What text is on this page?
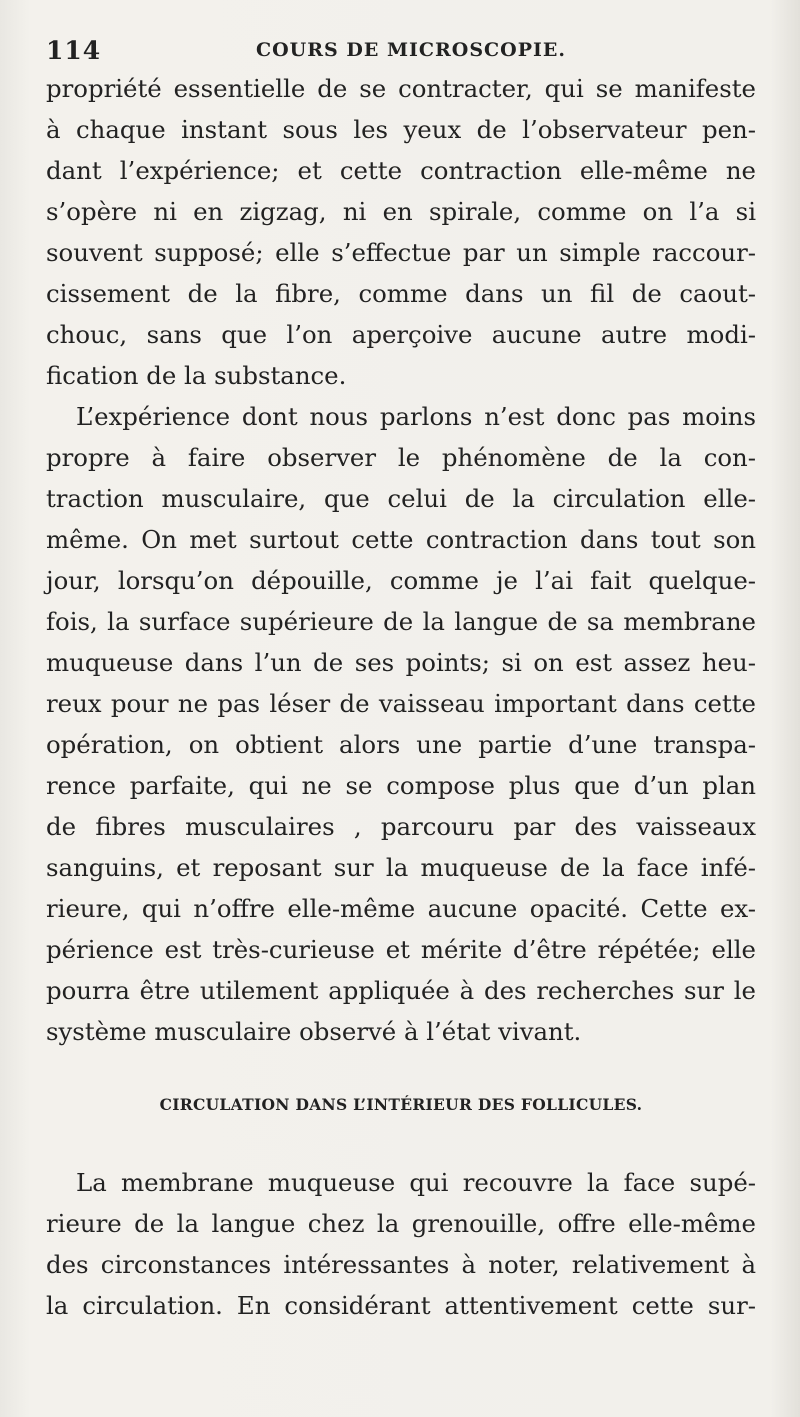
114	COURS DE MICROSCOPIE.
propriété essentielle de se contracter, qui se manifeste
à chaque instant sous les yeux de l’observateur pen-
dant l’expérience; et cette contraction elle-même ne
s’opère ni en zigzag, ni en spirale, comme on l’a si
souvent supposé; elle s’effectue par un simple raccour-
cissement de la fibre, comme dans un fil de caout-
chouc, sans que l’on aperçoive aucune autre modi-
fication de la substance.
L’expérience dont nous parlons n’est donc pas moins
propre à faire observer le phénomène de la con-
traction musculaire, que celui de la circulation elle-
même. On met surtout cette contraction dans tout son
jour, lorsqu’on dépouille, comme je l’ai fait quelque-
fois, la surface supérieure de la langue de sa membrane
muqueuse dans l’un de ses points; si on est assez heu-
reux pour ne pas léser de vaisseau important dans cette
opération, on obtient alors une partie d’une transpa-
rence parfaite, qui ne se compose plus que d’un plan
de fibres musculaires , parcouru par des vaisseaux
sanguins, et reposant sur la muqueuse de la face infé-
rieure, qui n’offre elle-même aucune opacité. Cette ex-
périence est très-curieuse et mérite d’être répétée; elle
pourra être utilement appliquée à des recherches sur le
système musculaire observé à l’état vivant.
CIRCULATION DANS L’INTÉRIEUR DES FOLLICULES.
La membrane muqueuse qui recouvre la face supé-
rieure de la langue chez la grenouille, offre elle-même
des circonstances intéressantes à noter, relativement à
la circulation. En considérant attentivement cette sur-
